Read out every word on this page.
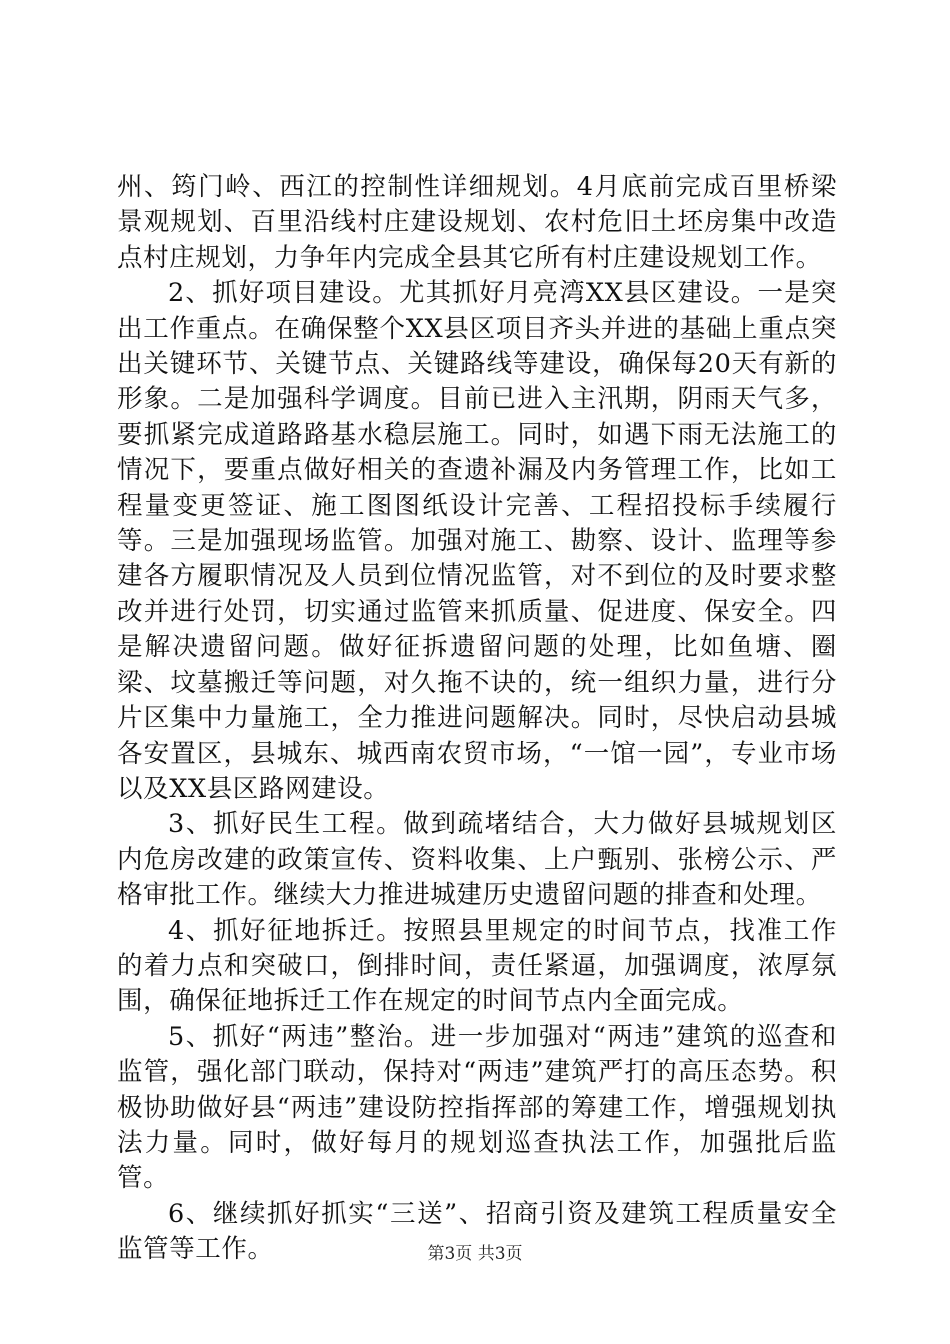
州、筠门岭、西江的控制性详细规划。4月底前完成百里桥梁景观规划、百里沿线村庄建设规划、农村危旧土坯房集中改造点村庄规划，力争年内完成全县其它所有村庄建设规划工作。

2、抓好项目建设。尤其抓好月亮湾XX县区建设。一是突出工作重点。在确保整个XX县区项目齐头并进的基础上重点突出关键环节、关键节点、关键路线等建设，确保每20天有新的形象。二是加强科学调度。目前已进入主汛期，阴雨天气多，要抓紧完成道路路基水稳层施工。同时，如遇下雨无法施工的情况下，要重点做好相关的查遗补漏及内务管理工作，比如工程量变更签证、施工图图纸设计完善、工程招投标手续履行等。三是加强现场监管。加强对施工、勘察、设计、监理等参建各方履职情况及人员到位情况监管，对不到位的及时要求整改并进行处罚，切实通过监管来抓质量、促进度、保安全。四是解决遗留问题。做好征拆遗留问题的处理，比如鱼塘、圈梁、坟墓搬迁等问题，对久拖不诀的，统一组织力量，进行分片区集中力量施工，全力推进问题解决。同时，尽快启动县城各安置区，县城东、城西南农贸市场，“一馆一园”，专业市场以及XX县区路网建设。

3、抓好民生工程。做到疏堵结合，大力做好县城规划区内危房改建的政策宣传、资料收集、上户甄别、张榜公示、严格审批工作。继续大力推进城建历史遗留问题的排查和处理。

4、抓好征地拆迁。按照县里规定的时间节点，找准工作的着力点和突破口，倒排时间，责任紧逼，加强调度，浓厚氛围，确保征地拆迁工作在规定的时间节点内全面完成。

5、抓好“两违”整治。进一步加强对“两违”建筑的巡查和监管，强化部门联动，保持对“两违”建筑严打的高压态势。积极协助做好县“两违”建设防控指挥部的筹建工作，增强规划执法力量。同时，做好每月的规划巡查执法工作，加强批后监管。

6、继续抓好抓实“三送”、招商引资及建筑工程质量安全监管等工作。	第3页 共3页
